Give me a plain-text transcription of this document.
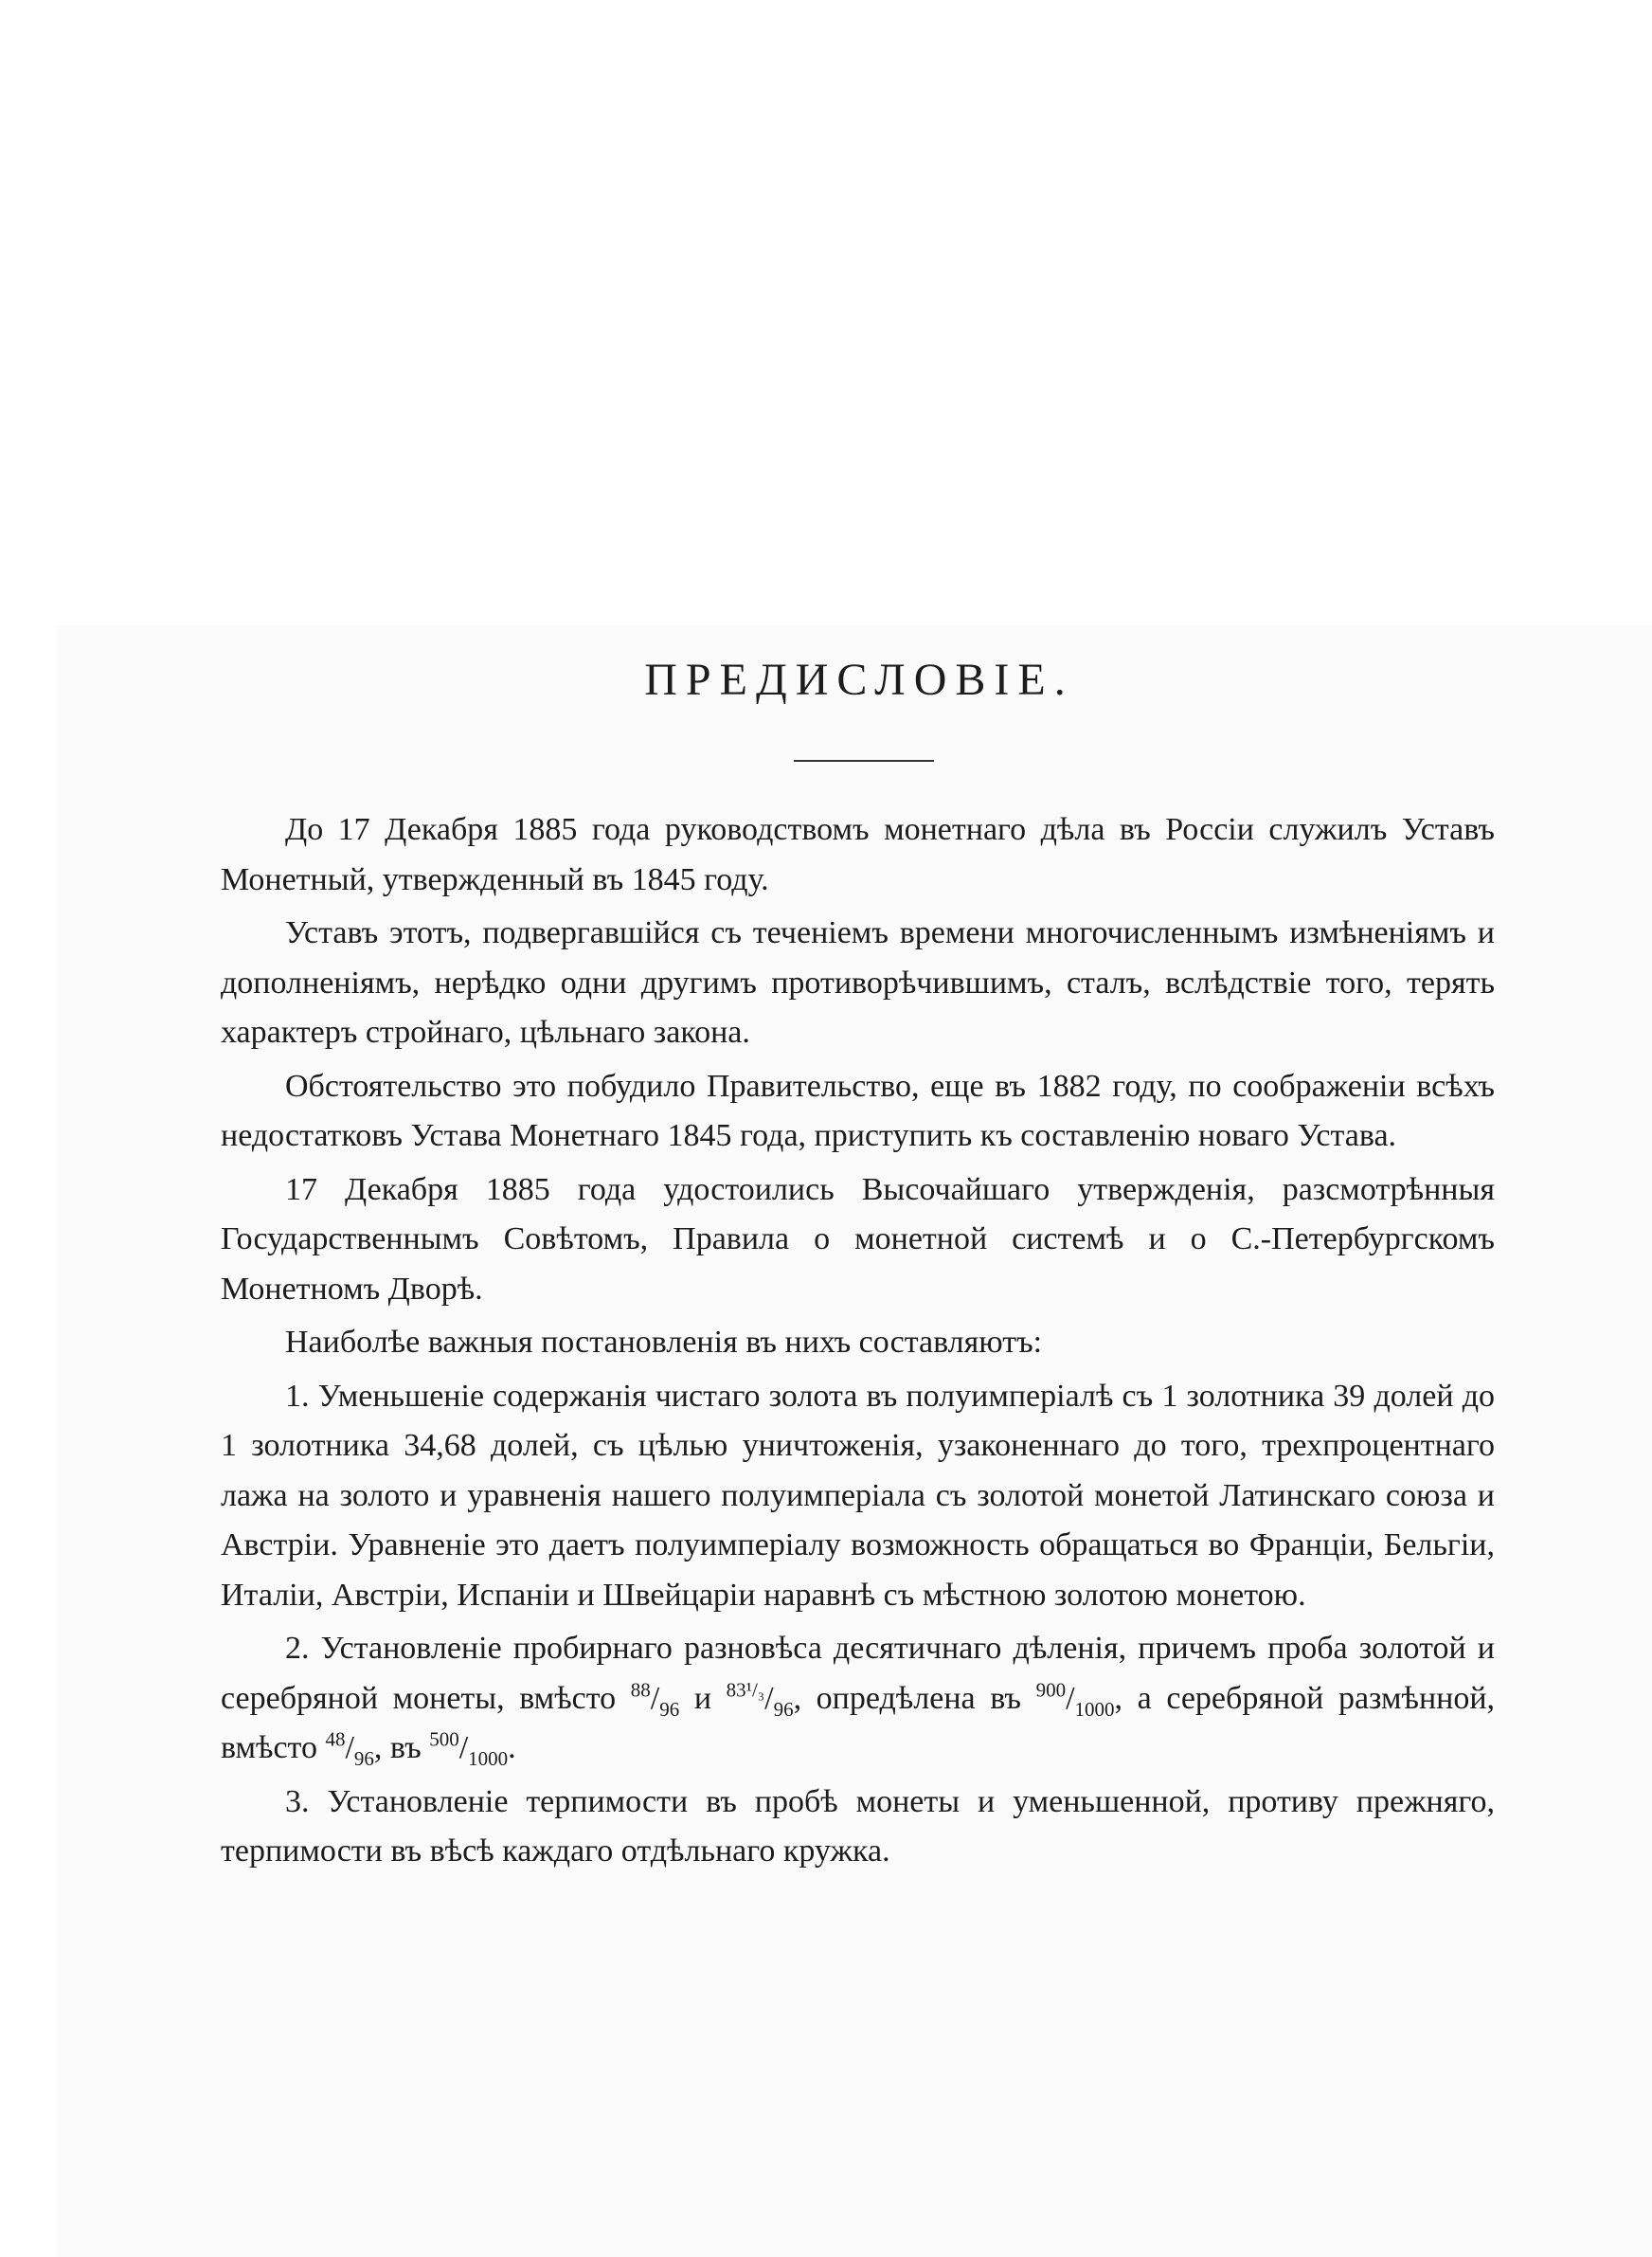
ПРЕДИСЛОВІЕ.

До 17 Декабря 1885 года руководствомъ монетнаго дѣла въ Россіи служилъ Уставъ Монетный, утвержденный въ 1845 году.

Уставъ этотъ, подвергавшійся съ теченіемъ времени многочисленнымъ измѣненіямъ и дополненіямъ, нерѣдко одни другимъ противорѣчившимъ, сталъ, вслѣдствіе того, терять характеръ стройнаго, цѣльнаго закона.

Обстоятельство это побудило Правительство, еще въ 1882 году, по соображеніи всѣхъ недостатковъ Устава Монетнаго 1845 года, приступить къ составленію новаго Устава.

17 Декабря 1885 года удостоились Высочайшаго утвержденія, разсмотрѣнныя Государственнымъ Совѣтомъ, Правила о монетной системѣ и о С.-Петербургскомъ Монетномъ Дворѣ.

Наиболѣе важныя постановленія въ нихъ составляютъ:

1. Уменьшеніе содержанія чистаго золота въ полуимперіалѣ съ 1 золотника 39 долей до 1 золотника 34,68 долей, съ цѣлью уничтоженія, узаконеннаго до того, трехпроцентнаго лажа на золото и уравненія нашего полуимперіала съ золотой монетой Латинскаго союза и Австріи. Уравненіе это даетъ полуимперіалу возможность обращаться во Франціи, Бельгіи, Италіи, Австріи, Испаніи и Швейцаріи наравнѣ съ мѣстною золотою монетою.

2. Установленіе пробирнаго разновѣса десятичнаго дѣленія, причемъ проба золотой и серебряной монеты, вмѣсто $^{88}/_{96}$ и $^{83^1/_3}/_{96}$, опредѣлена въ $^{900}/_{1000}$, а серебряной размѣнной, вмѣсто $^{48}/_{96}$, въ $^{500}/_{1000}$.

3. Установленіе терпимости въ пробѣ монеты и уменьшенной, противу прежняго, терпимости въ вѣсѣ каждаго отдѣльнаго кружка.
